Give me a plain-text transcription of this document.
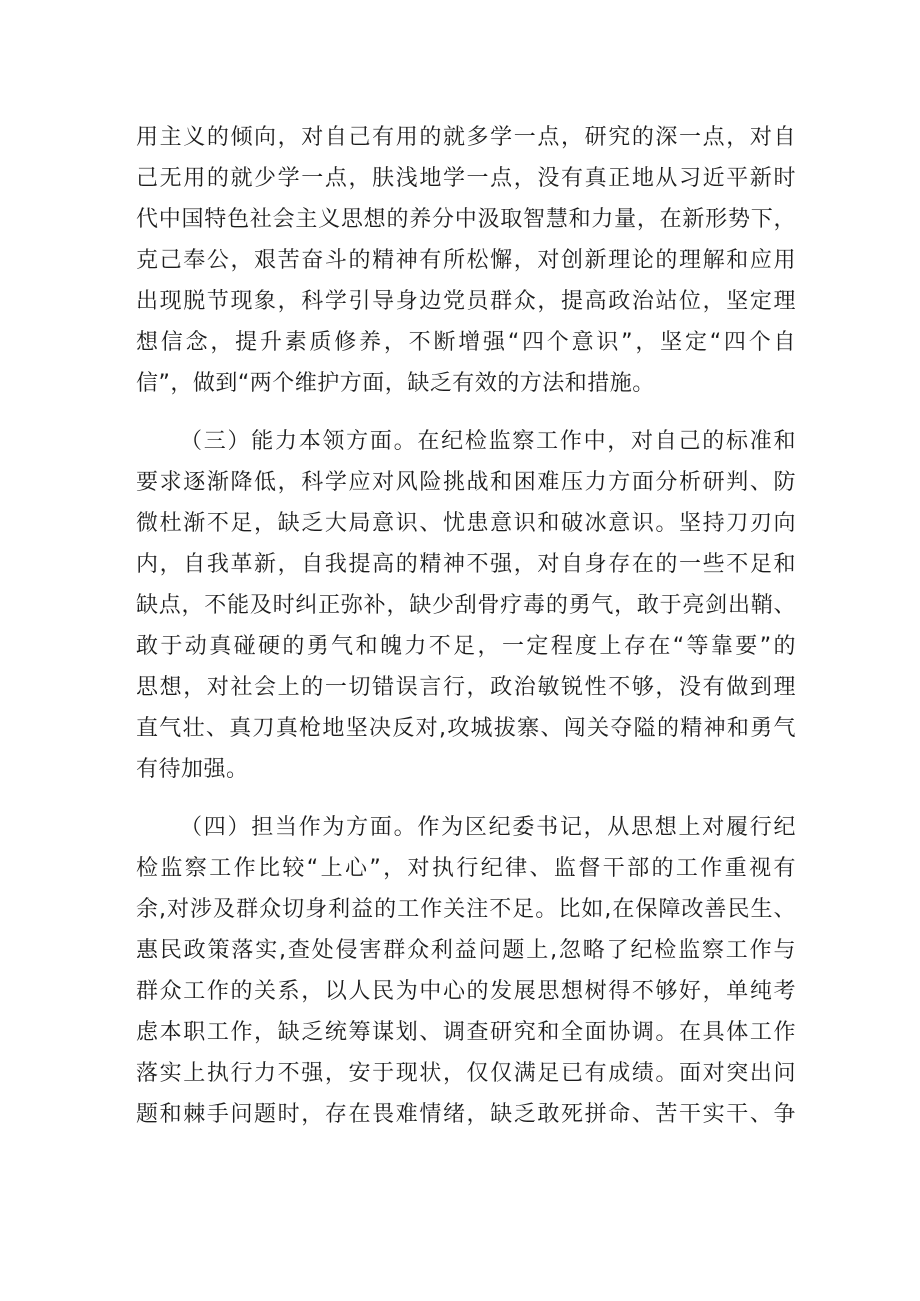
用主义的倾向，对自己有用的就多学一点，研究的深一点，对自
己无用的就少学一点，肤浅地学一点，没有真正地从习近平新时
代中国特色社会主义思想的养分中汲取智慧和力量，在新形势下，
克己奉公，艰苦奋斗的精神有所松懈，对创新理论的理解和应用
出现脱节现象，科学引导身边党员群众，提高政治站位，坚定理
想信念，提升素质修养，不断增强“四个意识”，坚定“四个自
信”，做到“两个维护方面，缺乏有效的方法和措施。
（三）能力本领方面。在纪检监察工作中，对自己的标准和
要求逐渐降低，科学应对风险挑战和困难压力方面分析研判、防
微杜渐不足，缺乏大局意识、忧患意识和破冰意识。坚持刀刃向
内，自我革新，自我提高的精神不强，对自身存在的一些不足和
缺点，不能及时纠正弥补，缺少刮骨疗毒的勇气，敢于亮剑出鞘、
敢于动真碰硬的勇气和魄力不足，一定程度上存在“等靠要”的
思想，对社会上的一切错误言行，政治敏锐性不够，没有做到理
直气壮、真刀真枪地坚决反对,攻城拔寨、闯关夺隘的精神和勇气
有待加强。
（四）担当作为方面。作为区纪委书记，从思想上对履行纪
检监察工作比较“上心”，对执行纪律、监督干部的工作重视有
余,对涉及群众切身利益的工作关注不足。比如,在保障改善民生、
惠民政策落实,查处侵害群众利益问题上,忽略了纪检监察工作与
群众工作的关系，以人民为中心的发展思想树得不够好，单纯考
虑本职工作，缺乏统筹谋划、调查研究和全面协调。在具体工作
落实上执行力不强，安于现状，仅仅满足已有成绩。面对突出问
题和棘手问题时，存在畏难情绪，缺乏敢死拼命、苦干实干、争
